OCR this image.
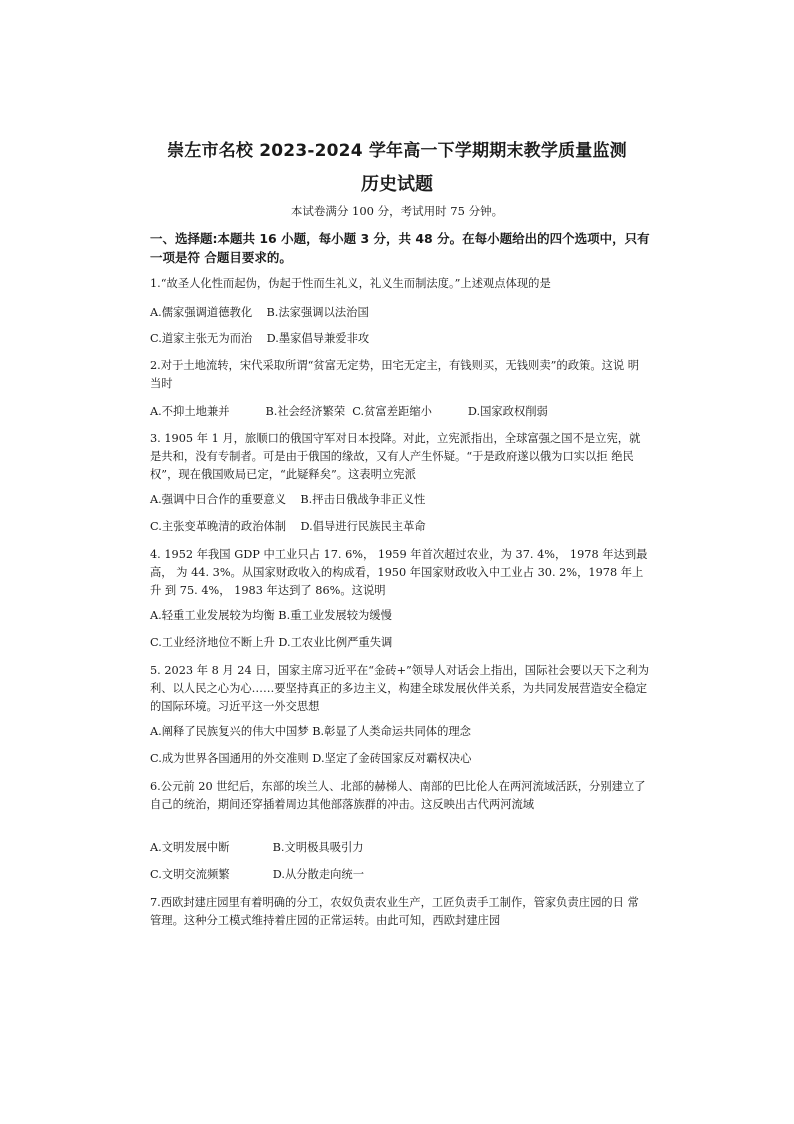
崇左市名校 2023-2024 学年高一下学期期末教学质量监测
历史试题
本试卷满分 100 分，考试用时 75 分钟。
一、选择题:本题共 16 小题，每小题 3 分，共 48 分。在每小题给出的四个选项中，只有一项是符 合题目要求的。
1.“故圣人化性而起伪，伪起于性而生礼义，礼义生而制法度。”上述观点体现的是
A.儒家强调道德教化    B.法家强调以法治国
C.道家主张无为而治    D.墨家倡导兼爱非攻
2.对于土地流转，宋代采取所谓“贫富无定势，田宅无定主，有钱则买，无钱则卖”的政策。这说 明当时
A.不抑土地兼并          B.社会经济繁荣  C.贫富差距缩小          D.国家政权削弱
3. 1905 年 1 月，旅顺口的俄国守军对日本投降。对此，立宪派指出，全球富强之国不是立宪，就是共和，没有专制者。可是由于俄国的缘故，又有人产生怀疑。“于是政府遂以俄为口实以拒 绝民权”，现在俄国败局已定，“此疑释矣”。这表明立宪派
A.强调中日合作的重要意义    B.抨击日俄战争非正义性
C.主张变革晚清的政治体制    D.倡导进行民族民主革命
4. 1952 年我国 GDP 中工业只占 17. 6%， 1959 年首次超过农业，为 37. 4%， 1978 年达到最高， 为 44. 3%。从国家财政收入的构成看，1950 年国家财政收入中工业占 30. 2%，1978 年上升 到 75. 4%， 1983 年达到了 86%。这说明
A.轻重工业发展较为均衡 B.重工业发展较为缓慢
C.工业经济地位不断上升 D.工农业比例严重失调
5. 2023 年 8 月 24 日，国家主席习近平在“金砖+”领导人对话会上指出，国际社会要以天下之利为利、以人民之心为心……要坚持真正的多边主义，构建全球发展伙伴关系，为共同发展营造安全稳定的国际环境。习近平这一外交思想
A.阐释了民族复兴的伟大中国梦 B.彰显了人类命运共同体的理念
C.成为世界各国通用的外交准则 D.坚定了金砖国家反对霸权决心
6.公元前 20 世纪后，东部的埃兰人、北部的赫梯人、南部的巴比伦人在两河流域活跃，分别建立了自己的统治，期间还穿插着周边其他部落族群的冲击。这反映出古代两河流域
A.文明发展中断            B.文明极具吸引力
C.文明交流频繁            D.从分散走向统一
7.西欧封建庄园里有着明确的分工，农奴负责农业生产，工匠负责手工制作，管家负责庄园的日 常管理。这种分工模式维持着庄园的正常运转。由此可知，西欧封建庄园
